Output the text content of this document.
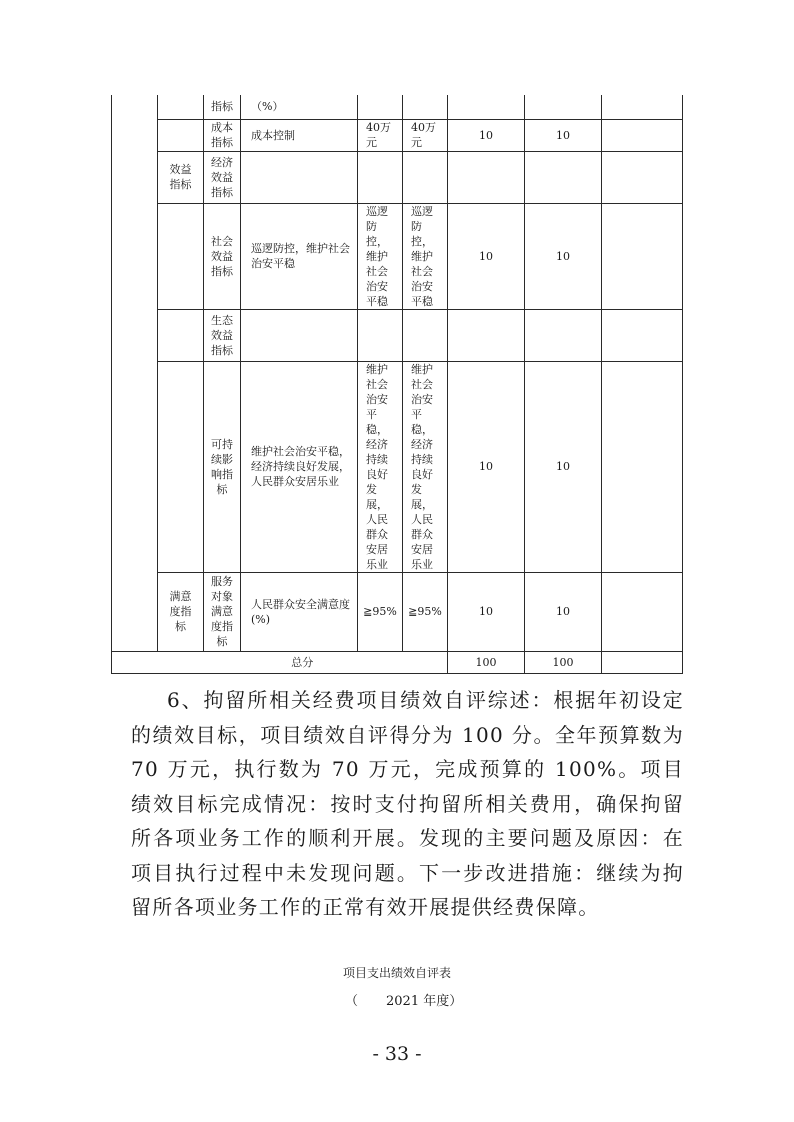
		指标	（%）					
		成本指标	成本控制	40万元	40万元	10	10	
	效益指标	经济效益指标						
		社会效益指标	巡逻防控，维护社会治安平稳	巡逻防控，维护社会治安平稳	巡逻防控，维护社会治安平稳	10	10	
		生态效益指标						
		可持续影响指标	维护社会治安平稳，经济持续良好发展，人民群众安居乐业	维护社会治安平稳，经济持续良好发展，人民群众安居乐业	维护社会治安平稳，经济持续良好发展，人民群众安居乐业	10	10	
	满意度指标	服务对象满意度指标	人民群众安全满意度(%)	≧95%	≧95%	10	10	
	总分					100	100	

6、拘留所相关经费项目绩效自评综述：根据年初设定的绩效目标，项目绩效自评得分为 100 分。全年预算数为 70 万元，执行数为 70 万元，完成预算的 100%。项目绩效目标完成情况：按时支付拘留所相关费用，确保拘留所各项业务工作的顺利开展。发现的主要问题及原因：在项目执行过程中未发现问题。下一步改进措施：继续为拘留所各项业务工作的正常有效开展提供经费保障。

项目支出绩效自评表

（ 2021 年度）

- 33 -
